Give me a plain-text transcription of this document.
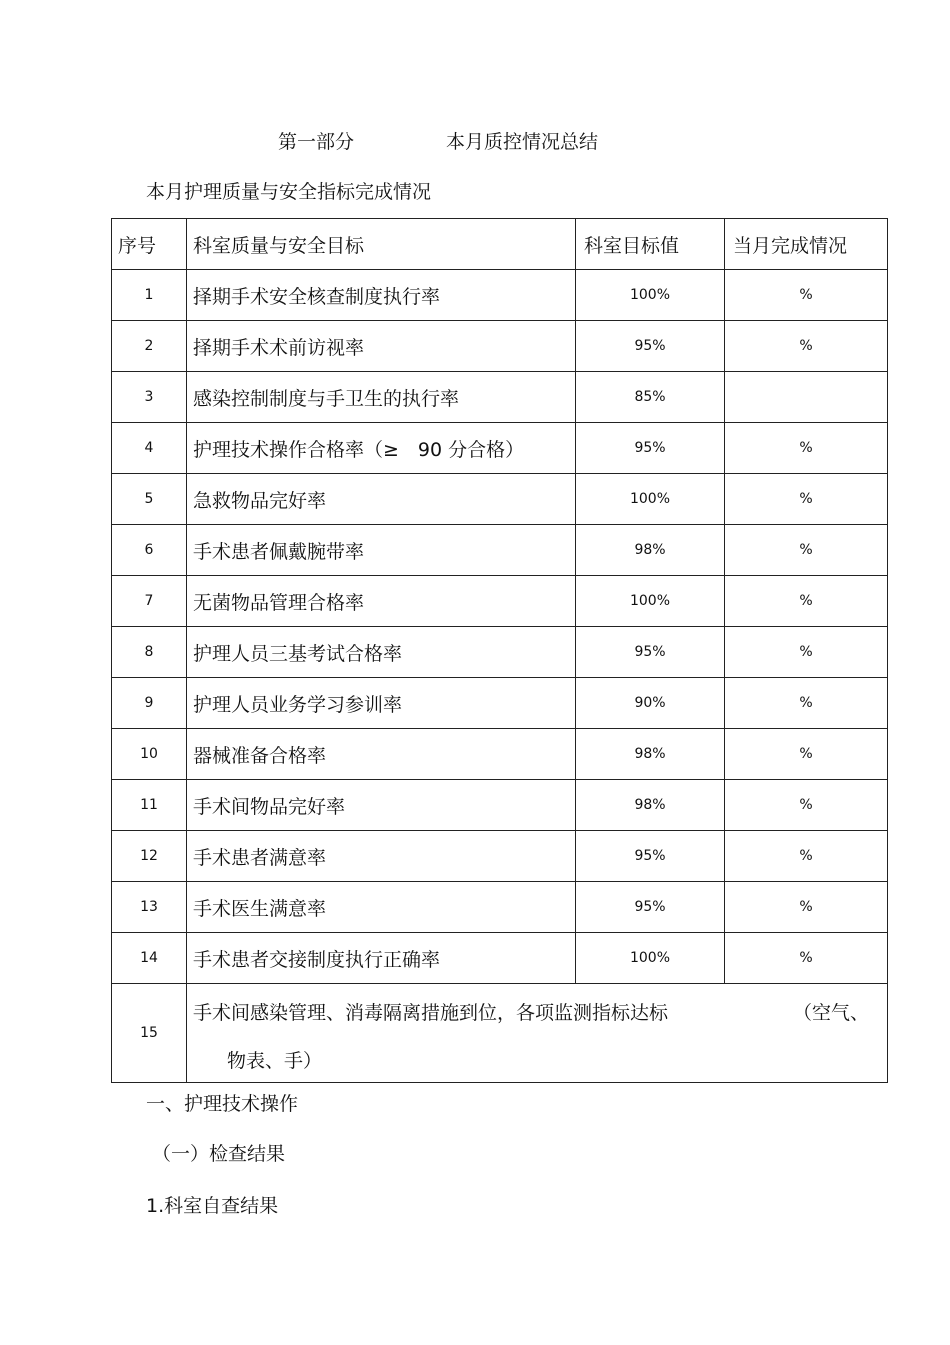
第一部分	本月质控情况总结
本月护理质量与安全指标完成情况
序号	科室质量与安全目标	科室目标值	当月完成情况
1	择期手术安全核查制度执行率	100%	%
2	择期手术术前访视率	95%	%
3	感染控制制度与手卫生的执行率	85%	
4	护理技术操作合格率（≥　90 分合格）	95%	%
5	急救物品完好率	100%	%
6	手术患者佩戴腕带率	98%	%
7	无菌物品管理合格率	100%	%
8	护理人员三基考试合格率	95%	%
9	护理人员业务学习参训率	90%	%
10	器械准备合格率	98%	%
11	手术间物品完好率	98%	%
12	手术患者满意率	95%	%
13	手术医生满意率	95%	%
14	手术患者交接制度执行正确率	100%	%
15	手术间感染管理、消毒隔离措施到位，各项监测指标达标 （空气、
物表、手）		
一、护理技术操作
（一）检查结果
1.科室自查结果
